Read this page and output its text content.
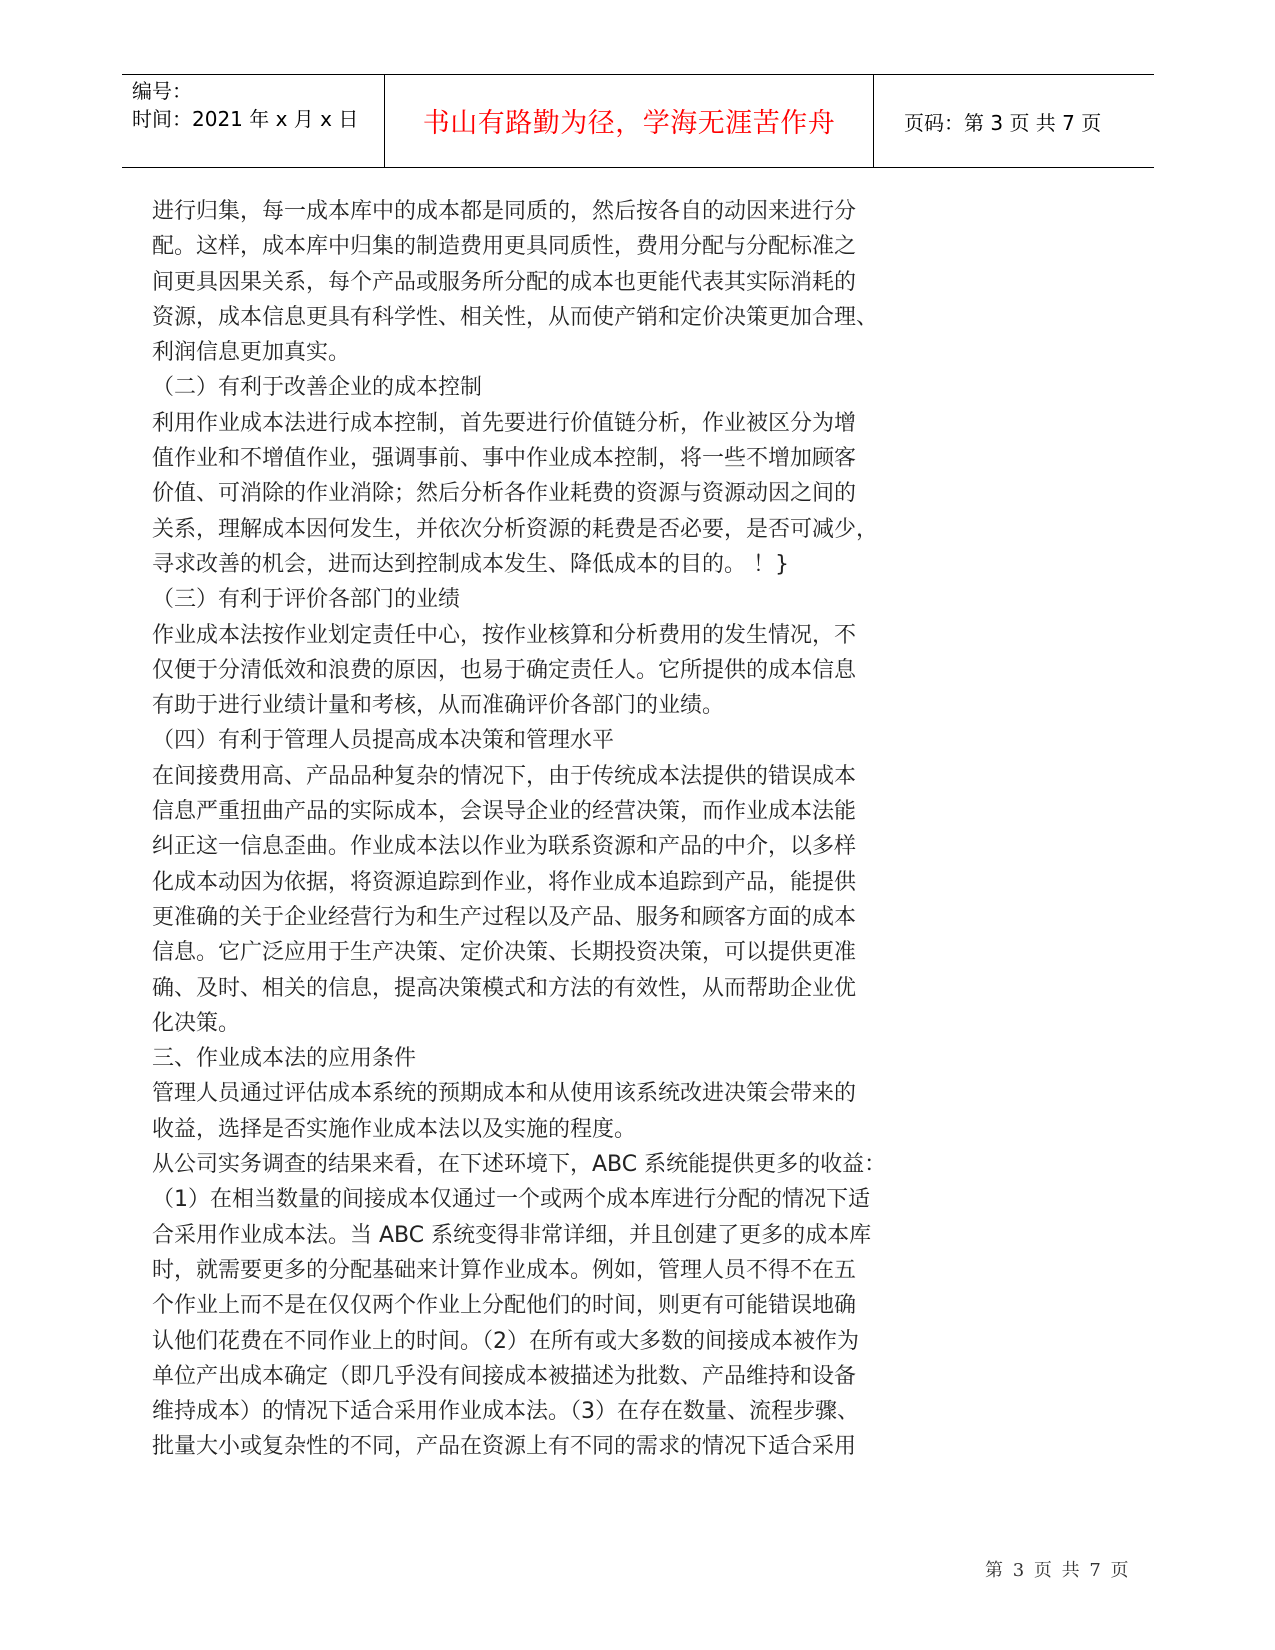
编号：
时间：2021 年 x 月 x 日	书山有路勤为径，学海无涯苦作舟	页码：第 3 页 共 7 页

进行归集，每一成本库中的成本都是同质的，然后按各自的动因来进行分

配。这样，成本库中归集的制造费用更具同质性，费用分配与分配标准之

间更具因果关系，每个产品或服务所分配的成本也更能代表其实际消耗的

资源，成本信息更具有科学性、相关性，从而使产销和定价决策更加合理、

利润信息更加真实。

（二）有利于改善企业的成本控制

利用作业成本法进行成本控制，首先要进行价值链分析，作业被区分为增

值作业和不增值作业，强调事前、事中作业成本控制，将一些不增加顾客

价值、可消除的作业消除；然后分析各作业耗费的资源与资源动因之间的

关系，理解成本因何发生，并依次分析资源的耗费是否必要，是否可减少，

寻求改善的机会，进而达到控制成本发生、降低成本的目的。 ！}

（三）有利于评价各部门的业绩

作业成本法按作业划定责任中心，按作业核算和分析费用的发生情况，不

仅便于分清低效和浪费的原因，也易于确定责任人。它所提供的成本信息

有助于进行业绩计量和考核，从而准确评价各部门的业绩。

（四）有利于管理人员提高成本决策和管理水平

在间接费用高、产品品种复杂的情况下，由于传统成本法提供的错误成本

信息严重扭曲产品的实际成本，会误导企业的经营决策，而作业成本法能

纠正这一信息歪曲。作业成本法以作业为联系资源和产品的中介，以多样

化成本动因为依据，将资源追踪到作业，将作业成本追踪到产品，能提供

更准确的关于企业经营行为和生产过程以及产品、服务和顾客方面的成本

信息。它广泛应用于生产决策、定价决策、长期投资决策，可以提供更准

确、及时、相关的信息，提高决策模式和方法的有效性，从而帮助企业优

化决策。

三、作业成本法的应用条件

管理人员通过评估成本系统的预期成本和从使用该系统改进决策会带来的

收益，选择是否实施作业成本法以及实施的程度。

从公司实务调查的结果来看，在下述环境下，ABC 系统能提供更多的收益：

（1）在相当数量的间接成本仅通过一个或两个成本库进行分配的情况下适

合采用作业成本法。当 ABC 系统变得非常详细，并且创建了更多的成本库

时，就需要更多的分配基础来计算作业成本。例如，管理人员不得不在五

个作业上而不是在仅仅两个作业上分配他们的时间，则更有可能错误地确

认他们花费在不同作业上的时间。（2）在所有或大多数的间接成本被作为

单位产出成本确定（即几乎没有间接成本被描述为批数、产品维持和设备

维持成本）的情况下适合采用作业成本法。（3）在存在数量、流程步骤、

批量大小或复杂性的不同，产品在资源上有不同的需求的情况下适合采用

第 3 页 共 7 页
